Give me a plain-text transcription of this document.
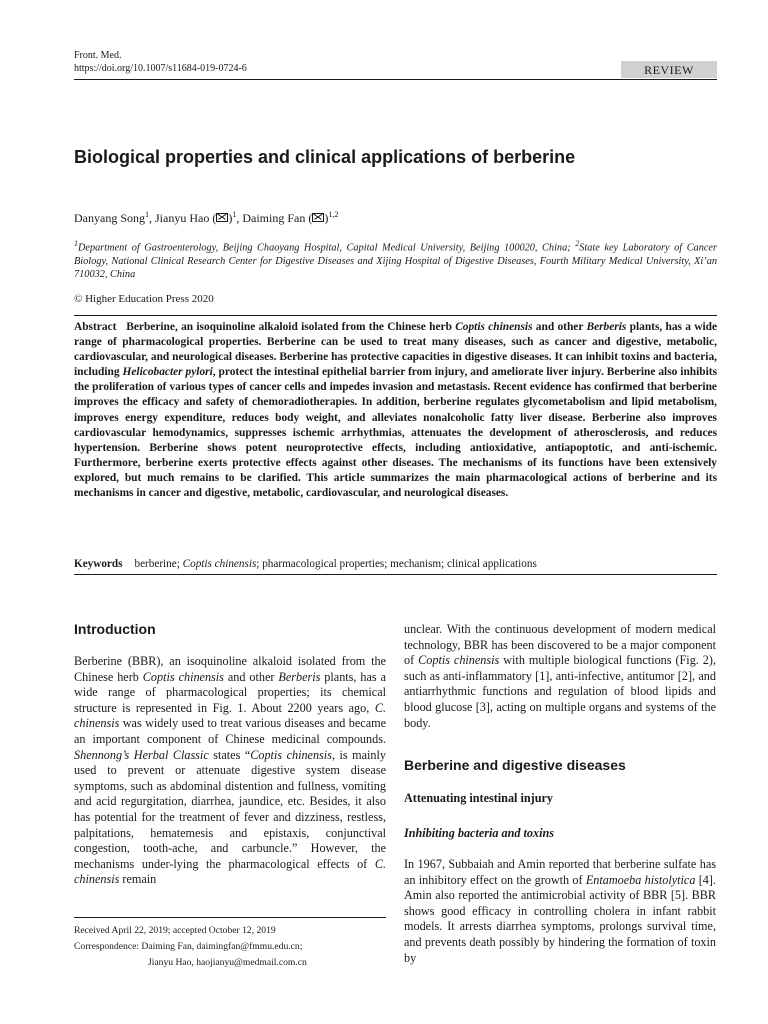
Front. Med.
https://doi.org/10.1007/s11684-019-0724-6	REVIEW
Biological properties and clinical applications of berberine
Danyang Song$^1$, Jianyu Hao ( )$^1$, Daiming Fan ( )$^{1,2}$
$^1$Department of Gastroenterology, Beijing Chaoyang Hospital, Capital Medical University, Beijing 100020, China; $^2$State key Laboratory of Cancer Biology, National Clinical Research Center for Digestive Diseases and Xijing Hospital of Digestive Diseases, Fourth Military Medical University, Xi’an 710032, China
© Higher Education Press 2020

Abstract Berberine, an isoquinoline alkaloid isolated from the Chinese herb Coptis chinensis and other Berberis plants, has a wide range of pharmacological properties. Berberine can be used to treat many diseases, such as cancer and digestive, metabolic, cardiovascular, and neurological diseases. Berberine has protective capacities in digestive diseases. It can inhibit toxins and bacteria, including Helicobacter pylori, protect the intestinal epithelial barrier from injury, and ameliorate liver injury. Berberine also inhibits the proliferation of various types of cancer cells and impedes invasion and metastasis. Recent evidence has confirmed that berberine improves the efficacy and safety of chemoradiotherapies. In addition, berberine regulates glycometabolism and lipid metabolism, improves energy expenditure, reduces body weight, and alleviates nonalcoholic fatty liver disease. Berberine also improves cardiovascular hemodynamics, suppresses ischemic arrhythmias, attenuates the development of atherosclerosis, and reduces hypertension. Berberine shows potent neuroprotective effects, including antioxidative, antiapoptotic, and anti-ischemic. Furthermore, berberine exerts protective effects against other diseases. The mechanisms of its functions have been extensively explored, but much remains to be clarified. This article summarizes the main pharmacological actions of berberine and its mechanisms in cancer and digestive, metabolic, cardiovascular, and neurological diseases.

Keywords berberine; Coptis chinensis; pharmacological properties; mechanism; clinical applications
Introduction

Berberine (BBR), an isoquinoline alkaloid isolated from the Chinese herb Coptis chinensis and other Berberis plants, has a wide range of pharmacological properties; its chemical structure is represented in Fig. 1. About 2200 years ago, C. chinensis was widely used to treat various diseases and became an important component of Chinese medicinal compounds. Shennong’s Herbal Classic states “Coptis chinensis, is mainly used to prevent or attenuate digestive system disease symptoms, such as abdominal distention and fullness, vomiting and acid regurgitation, diarrhea, jaundice, etc. Besides, it also has potential for the treatment of fever and dizziness, restless, palpitations, hematemesis and epistaxis, conjunctival congestion, tooth-ache, and carbuncle.” However, the mechanisms under-lying the pharmacological effects of C. chinensis remain

unclear. With the continuous development of modern medical technology, BBR has been discovered to be a major component of Coptis chinensis with multiple biological functions (Fig. 2), such as anti-inflammatory [1], anti-infective, antitumor [2], and antiarrhythmic functions and regulation of blood lipids and blood glucose [3], acting on multiple organs and systems of the body.

Berberine and digestive diseases
Attenuating intestinal injury
Inhibiting bacteria and toxins

In 1967, Subbaiah and Amin reported that berberine sulfate has an inhibitory effect on the growth of Entamoeba histolytica [4]. Amin also reported the antimicrobial activity of BBR [5]. BBR shows good efficacy in controlling cholera in infant rabbit models. It arrests diarrhea symptoms, prolongs survival time, and prevents death possibly by hindering the formation of toxin by

Received April 22, 2019; accepted October 12, 2019
Correspondence: Daiming Fan, daimingfan@fmmu.edu.cn;
Jianyu Hao, haojianyu@medmail.com.cn
